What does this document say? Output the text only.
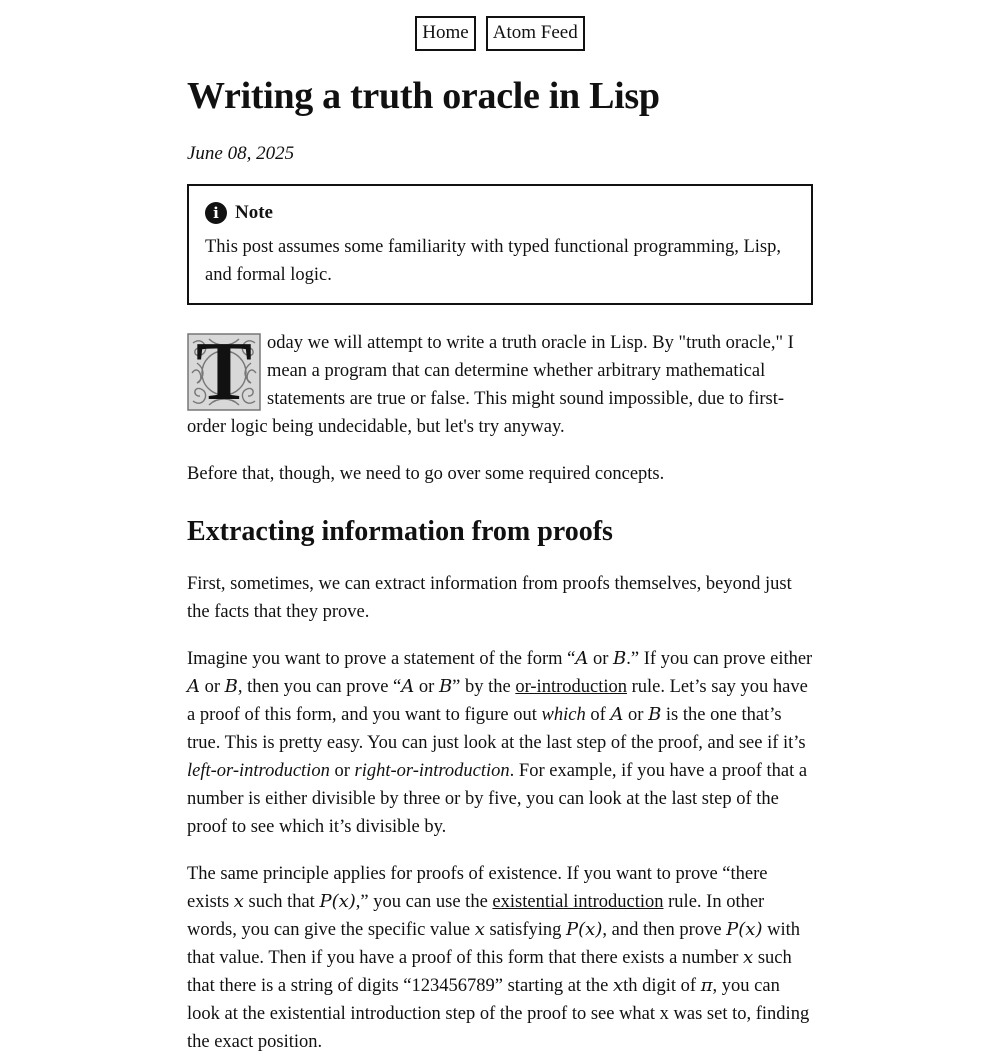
Home	Atom Feed
Writing a truth oracle in Lisp
June 08, 2025
i Note
This post assumes some familiarity with typed functional programming, Lisp, and formal logic.

T oday we will attempt to write a truth oracle in Lisp. By "truth oracle," I mean a program that can determine whether arbitrary mathematical statements are true or false. This might sound impossible, due to first-order logic being undecidable, but let's try anyway.

Before that, though, we need to go over some required concepts.

Extracting information from proofs

First, sometimes, we can extract information from proofs themselves, beyond just the facts that they prove.

Imagine you want to prove a statement of the form “A or B.” If you can prove either A or B, then you can prove “A or B” by the or-introduction rule. Let’s say you have a proof of this form, and you want to figure out which of A or B is the one that’s true. This is pretty easy. You can just look at the last step of the proof, and see if it’s left-or-introduction or right-or-introduction. For example, if you have a proof that a number is either divisible by three or by five, you can look at the last step of the proof to see which it’s divisible by.

The same principle applies for proofs of existence. If you want to prove “there exists x such that P(x),” you can use the existential introduction rule. In other words, you can give the specific value x satisfying P(x), and then prove P(x) with that value. Then if you have a proof of this form that there exists a number x such that there is a string of digits “123456789” starting at the xth digit of π, you can look at the existential introduction step of the proof to see what x was set to, finding the exact position.
